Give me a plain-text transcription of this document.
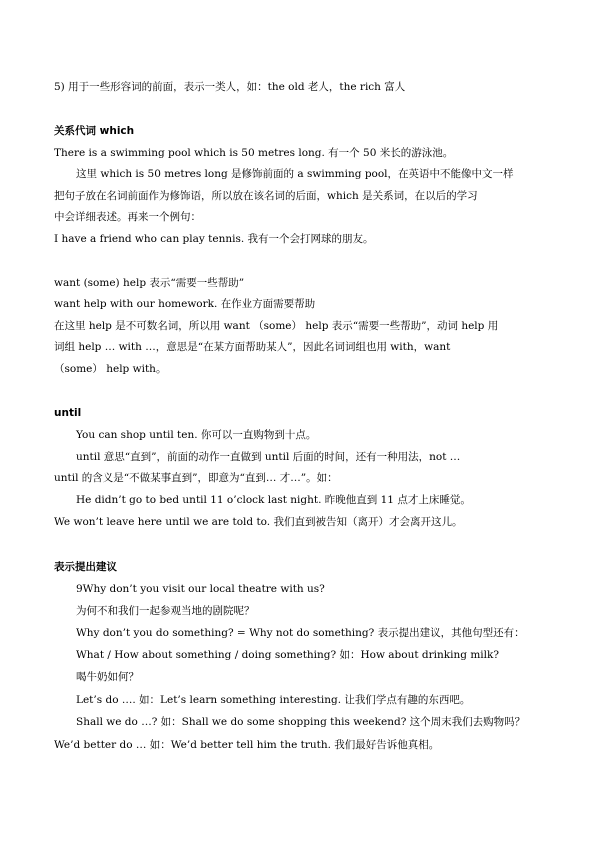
5) 用于一些形容词的前面，表示一类人，如：the old 老人，the rich 富人
关系代词 which
There is a swimming pool which is 50 metres long. 有一个 50 米长的游泳池。
这里 which is 50 metres long 是修饰前面的 a swimming pool，在英语中不能像中文一样
把句子放在名词前面作为修饰语，所以放在该名词的后面，which 是关系词，在以后的学习
中会详细表述。再来一个例句：
I have a friend who can play tennis. 我有一个会打网球的朋友。
want (some) help 表示“需要一些帮助”
want help with our homework. 在作业方面需要帮助
在这里 help 是不可数名词，所以用 want （some） help 表示“需要一些帮助”，动词 help 用
词组 help … with …，意思是“在某方面帮助某人”，因此名词词组也用 with，want
（some） help with。
until
You can shop until ten. 你可以一直购物到十点。
until 意思“直到”，前面的动作一直做到 until 后面的时间，还有一种用法，not …
until 的含义是“不做某事直到”，即意为“直到… 才…”。如：
He didn’t go to bed until 11 o’clock last night. 昨晚他直到 11 点才上床睡觉。
We won’t leave here until we are told to. 我们直到被告知（离开）才会离开这儿。
表示提出建议
9Why don’t you visit our local theatre with us?
为何不和我们一起参观当地的剧院呢？
Why don’t you do something? = Why not do something? 表示提出建议，其他句型还有：
What / How about something / doing something? 如：How about drinking milk?
喝牛奶如何？
Let’s do …. 如：Let’s learn something interesting. 让我们学点有趣的东西吧。
Shall we do …? 如：Shall we do some shopping this weekend? 这个周末我们去购物吗？
We’d better do … 如：We’d better tell him the truth. 我们最好告诉他真相。
